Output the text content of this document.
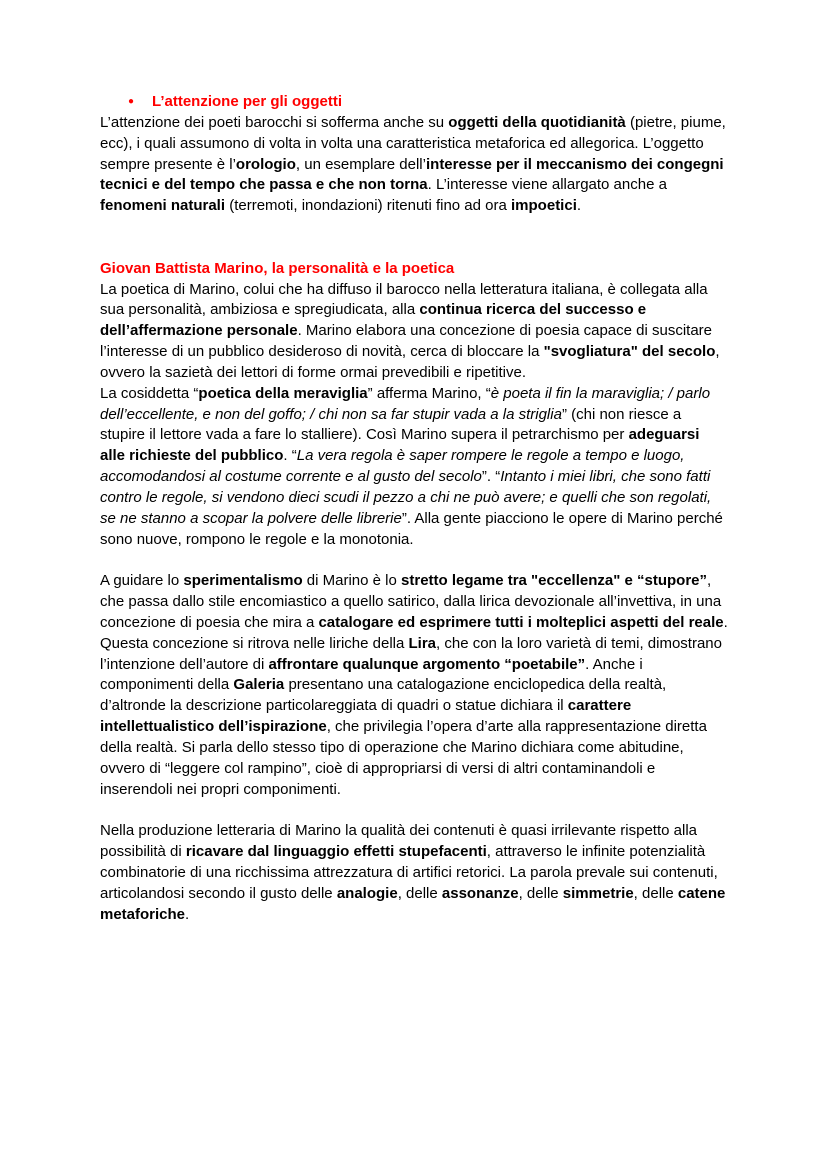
●	L’attenzione per gli oggetti
L’attenzione dei poeti barocchi si sofferma anche su oggetti della quotidianità (pietre, piume, ecc), i quali assumono di volta in volta una caratteristica metaforica ed allegorica. L’oggetto sempre presente è l’orologio, un esemplare dell’interesse per il meccanismo dei congegni tecnici e del tempo che passa e che non torna. L’interesse viene allargato anche a fenomeni naturali (terremoti, inondazioni) ritenuti fino ad ora impoetici.
Giovan Battista Marino, la personalità e la poetica
La poetica di Marino, colui che ha diffuso il barocco nella letteratura italiana, è collegata alla sua personalità, ambiziosa e spregiudicata, alla continua ricerca del successo e dell’affermazione personale. Marino elabora una concezione di poesia capace di suscitare l’interesse di un pubblico desideroso di novità, cerca di bloccare la "svogliatura" del secolo, ovvero la sazietà dei lettori di forme ormai prevedibili e ripetitive.
La cosiddetta “poetica della meraviglia” afferma Marino, “è poeta il fin la maraviglia; / parlo dell’eccellente, e non del goffo; / chi non sa far stupir vada a la striglia” (chi non riesce a stupire il lettore vada a fare lo stalliere). Così Marino supera il petrarchismo per adeguarsi alle richieste del pubblico. “La vera regola è saper rompere le regole a tempo e luogo, accomodandosi al costume corrente e al gusto del secolo”. “Intanto i miei libri, che sono fatti contro le regole, si vendono dieci scudi il pezzo a chi ne può avere; e quelli che son regolati, se ne stanno a scopar la polvere delle librerie”. Alla gente piacciono le opere di Marino perché sono nuove, rompono le regole e la monotonia.
A guidare lo sperimentalismo di Marino è lo stretto legame tra "eccellenza" e “stupore”, che passa dallo stile encomiastico a quello satirico, dalla lirica devozionale all’invettiva, in una concezione di poesia che mira a catalogare ed esprimere tutti i molteplici aspetti del reale. Questa concezione si ritrova nelle liriche della Lira, che con la loro varietà di temi, dimostrano l’intenzione dell’autore di affrontare qualunque argomento “poetabile”. Anche i componimenti della Galeria presentano una catalogazione enciclopedica della realtà, d’altronde la descrizione particolareggiata di quadri o statue dichiara il carattere intellettualistico dell’ispirazione, che privilegia l’opera d’arte alla rappresentazione diretta della realtà. Si parla dello stesso tipo di operazione che Marino dichiara come abitudine, ovvero di “leggere col rampino”, cioè di appropriarsi di versi di altri contaminandoli e inserendoli nei propri componimenti.
Nella produzione letteraria di Marino la qualità dei contenuti è quasi irrilevante rispetto alla possibilità di ricavare dal linguaggio effetti stupefacenti, attraverso le infinite potenzialità combinatorie di una ricchissima attrezzatura di artifici retorici. La parola prevale sui contenuti, articolandosi secondo il gusto delle analogie, delle assonanze, delle simmetrie, delle catene metaforiche.
